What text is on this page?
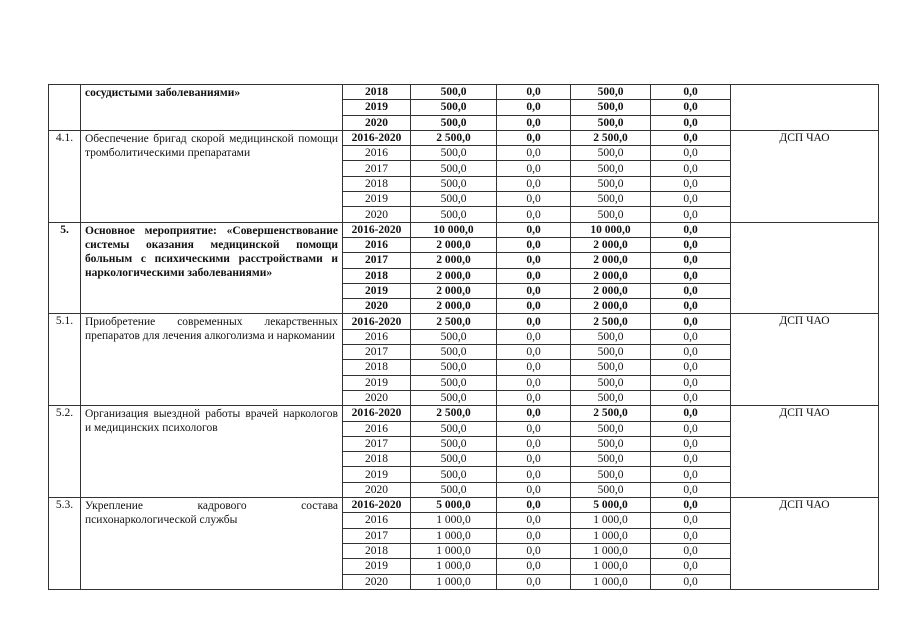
	сосудистыми заболеваниями»	2018	500,0	0,0	500,0	0,0	
		2019	500,0	0,0	500,0	0,0	
		2020	500,0	0,0	500,0	0,0	
4.1.	Обеспечение бригад скорой медицинской помощи тромболитическими препаратами	2016-2020	2 500,0	0,0	2 500,0	0,0	ДСП ЧАО
		2016	500,0	0,0	500,0	0,0	
		2017	500,0	0,0	500,0	0,0	
		2018	500,0	0,0	500,0	0,0	
		2019	500,0	0,0	500,0	0,0	
		2020	500,0	0,0	500,0	0,0	
5.	Основное мероприятие: «Совершенствование системы оказания медицинской помощи больным с психическими расстройствами и наркологическими заболеваниями»	2016-2020	10 000,0	0,0	10 000,0	0,0	
		2016	2 000,0	0,0	2 000,0	0,0	
		2017	2 000,0	0,0	2 000,0	0,0	
		2018	2 000,0	0,0	2 000,0	0,0	
		2019	2 000,0	0,0	2 000,0	0,0	
		2020	2 000,0	0,0	2 000,0	0,0	
5.1.	Приобретение современных лекарственных препаратов для лечения алкоголизма и наркомании	2016-2020	2 500,0	0,0	2 500,0	0,0	ДСП ЧАО
		2016	500,0	0,0	500,0	0,0	
		2017	500,0	0,0	500,0	0,0	
		2018	500,0	0,0	500,0	0,0	
		2019	500,0	0,0	500,0	0,0	
		2020	500,0	0,0	500,0	0,0	
5.2.	Организация выездной работы врачей наркологов и медицинских психологов	2016-2020	2 500,0	0,0	2 500,0	0,0	ДСП ЧАО
		2016	500,0	0,0	500,0	0,0	
		2017	500,0	0,0	500,0	0,0	
		2018	500,0	0,0	500,0	0,0	
		2019	500,0	0,0	500,0	0,0	
		2020	500,0	0,0	500,0	0,0	
5.3.	Укрепление кадрового состава психонаркологической службы	2016-2020	5 000,0	0,0	5 000,0	0,0	ДСП ЧАО
		2016	1 000,0	0,0	1 000,0	0,0	
		2017	1 000,0	0,0	1 000,0	0,0	
		2018	1 000,0	0,0	1 000,0	0,0	
		2019	1 000,0	0,0	1 000,0	0,0	
		2020	1 000,0	0,0	1 000,0	0,0	
